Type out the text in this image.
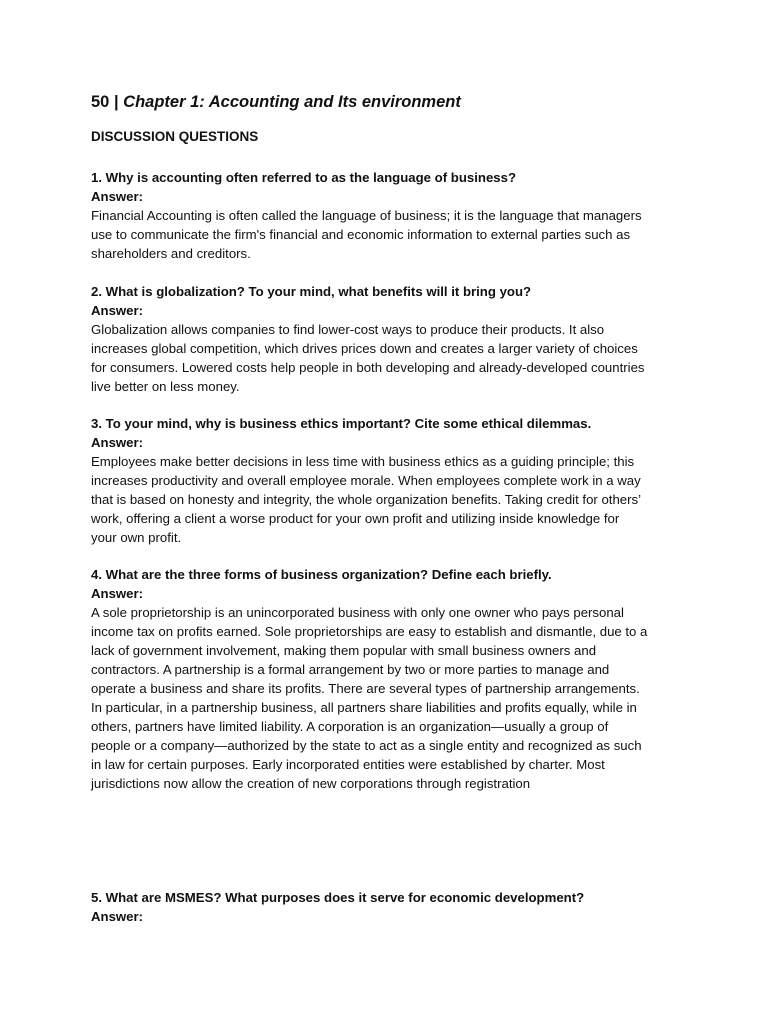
50 | Chapter 1: Accounting and Its environment
DISCUSSION QUESTIONS
1. Why is accounting often referred to as the language of business?
Answer:
Financial Accounting is often called the language of business; it is the language that managers
use to communicate the firm's financial and economic information to external parties such as
shareholders and creditors.
2. What is globalization? To your mind, what benefits will it bring you?
Answer:
Globalization allows companies to find lower-cost ways to produce their products. It also
increases global competition, which drives prices down and creates a larger variety of choices
for consumers. Lowered costs help people in both developing and already-developed countries
live better on less money.
3. To your mind, why is business ethics important? Cite some ethical dilemmas.
Answer:
Employees make better decisions in less time with business ethics as a guiding principle; this
increases productivity and overall employee morale. When employees complete work in a way
that is based on honesty and integrity, the whole organization benefits. Taking credit for others’
work, offering a client a worse product for your own profit and utilizing inside knowledge for
your own profit.
4. What are the three forms of business organization? Define each briefly.
Answer:
A sole proprietorship is an unincorporated business with only one owner who pays personal
income tax on profits earned. Sole proprietorships are easy to establish and dismantle, due to a
lack of government involvement, making them popular with small business owners and
contractors. A partnership is a formal arrangement by two or more parties to manage and
operate a business and share its profits. There are several types of partnership arrangements.
In particular, in a partnership business, all partners share liabilities and profits equally, while in
others, partners have limited liability. A corporation is an organization—usually a group of
people or a company—authorized by the state to act as a single entity and recognized as such
in law for certain purposes. Early incorporated entities were established by charter. Most
jurisdictions now allow the creation of new corporations through registration
5. What are MSMES? What purposes does it serve for economic development?
Answer:
